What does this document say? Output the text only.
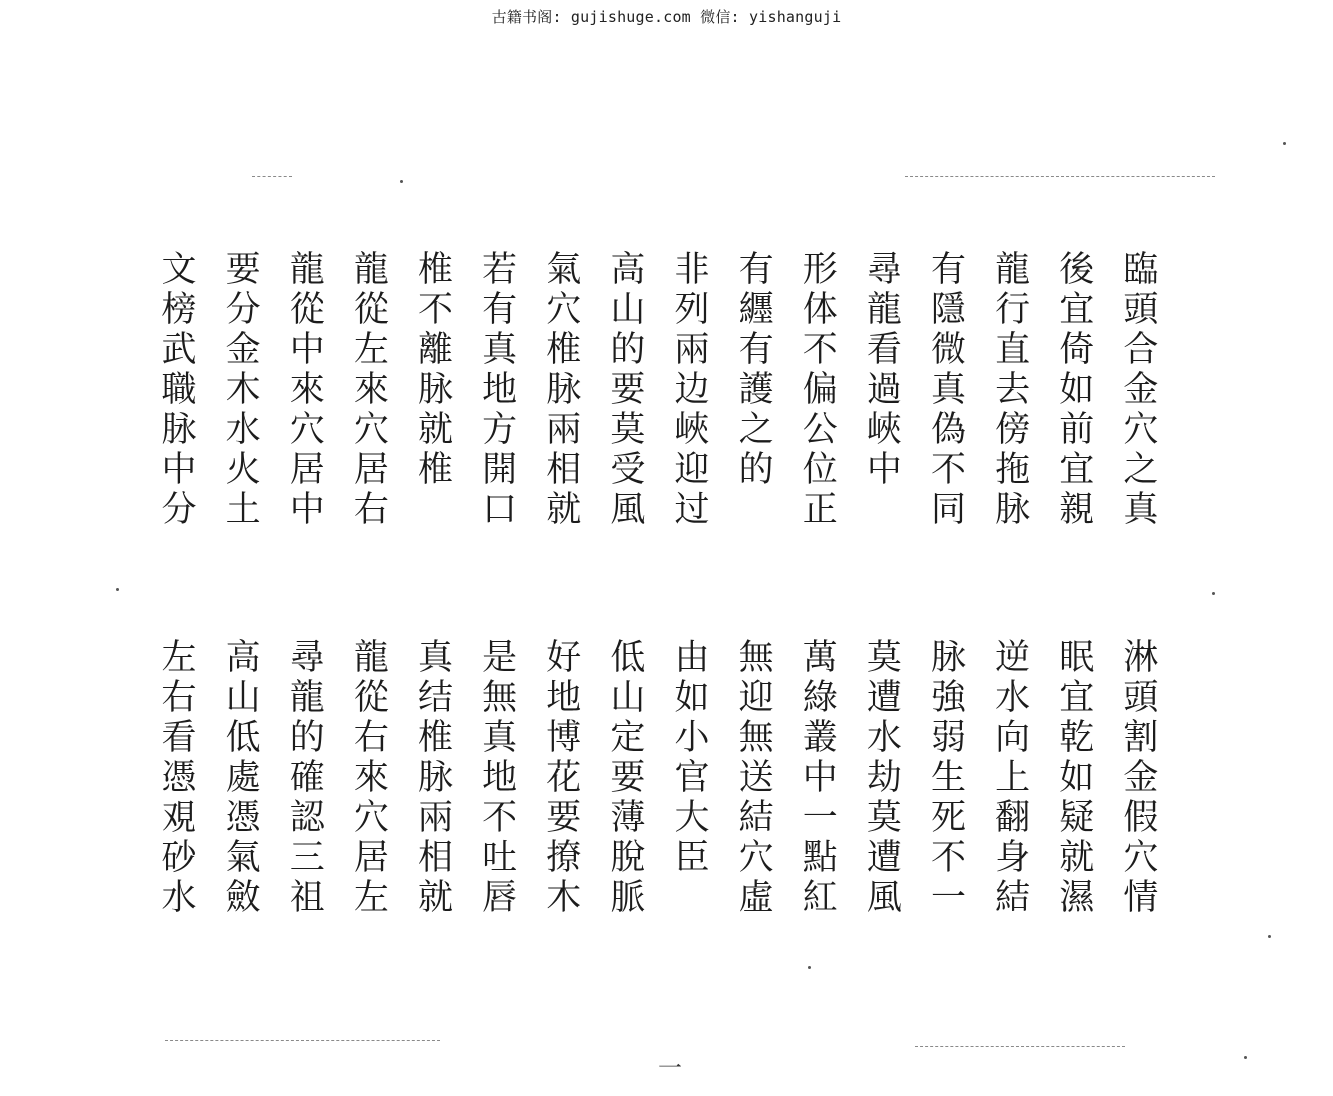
古籍书阁: gujishuge.com 微信: yishanguji
臨頭合金穴之真
後宜倚如前宜親
龍行直去傍拖脉
有隱微真偽不同
尋龍看過峽中
形体不偏公位正
有纒有護之的
非列兩边峽迎过
高山的要莫受風
氣穴椎脉兩相就
若有真地方開口
椎不離脉就椎
龍從左來穴居右
龍從中來穴居中
要分金木水火土
文榜武職脉中分
淋頭割金假穴情
眠宜乾如疑就濕
逆水向上翻身結
脉強弱生死不一
莫遭水劫莫遭風
萬綠叢中一點紅
無迎無送結穴虛
由如小官大臣
低山定要薄脫脈
好地博花要撩木
是無真地不吐唇
真结椎脉兩相就
龍從右來穴居左
尋龍的確認三祖
高山低處憑氣斂
左右看憑覌砂水
一
